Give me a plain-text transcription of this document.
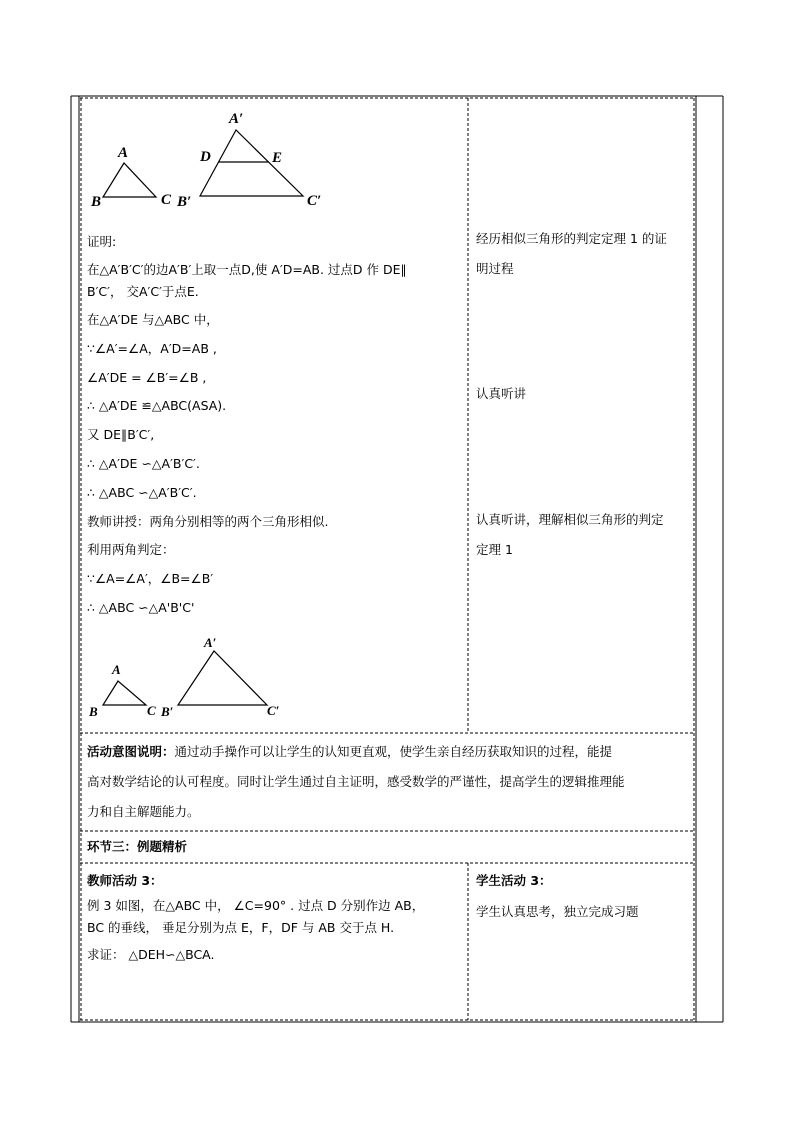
A
B	C
A′
B′	C′
D	E
证明:
在△A′B′C′的边A′B′上取一点D,使 A′D=AB. 过点D 作 DE∥
B′C′， 交A′C′于点E.
在△A′DE 与△ABC 中，
∵∠A′=∠A，A′D=AB ,
∠A′DE = ∠B′=∠B ,
∴ △A′DE ≌△ABC(ASA).
又 DE∥B′C′,
∴ △A′DE ∽△A′B′C′.
∴ △ABC ∽△A′B′C′.
教师讲授：两角分别相等的两个三角形相似.
利用两角判定：
∵∠A=∠A′，∠B=∠B′
∴ △ABC ∽△A'B'C'
A
B	C
A′
B′	C′
经历相似三角形的判定定理 1 的证
明过程
认真听讲
认真听讲，理解相似三角形的判定
定理 1
活动意图说明：通过动手操作可以让学生的认知更直观，使学生亲自经历获取知识的过程，能提
高对数学结论的认可程度。同时让学生通过自主证明，感受数学的严谨性，提高学生的逻辑推理能
力和自主解题能力。
环节三：例题精析
教师活动 3：
例 3 如图，在△ABC 中， ∠C=90° . 过点 D 分别作边 AB，
BC 的垂线， 垂足分别为点 E，F，DF 与 AB 交于点 H.
求证： △DEH∽△BCA.
学生活动 3：
学生认真思考，独立完成习题
